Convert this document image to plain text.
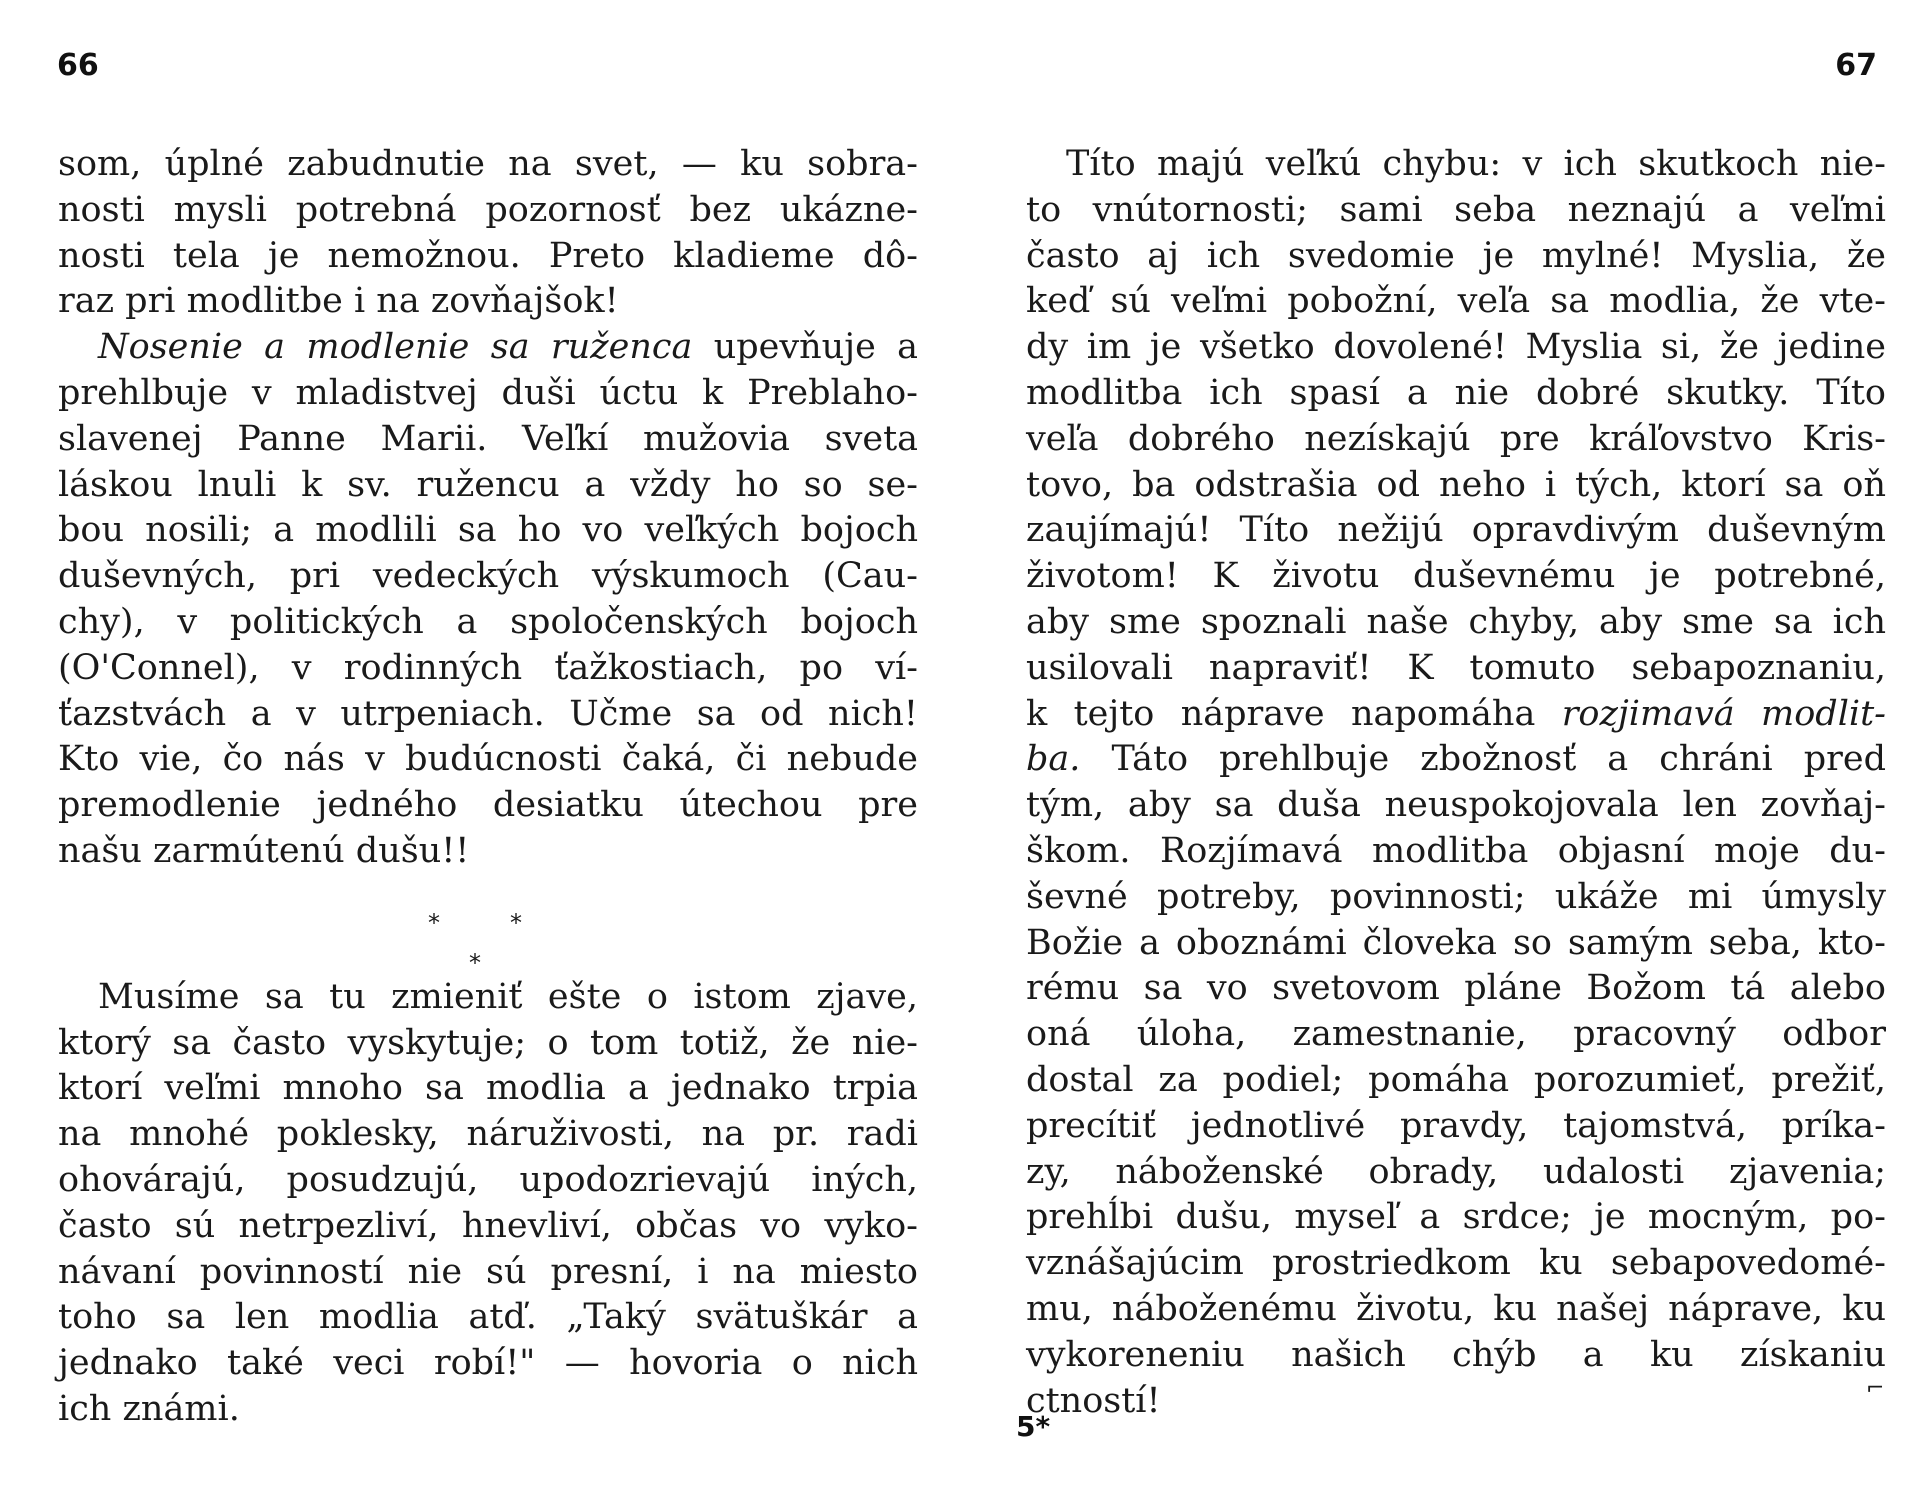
66

som, úplné zabudnutie na svet, — ku sobra-
nosti mysli potrebná pozornosť bez ukázne-
nosti tela je nemožnou. Preto kladieme dô-
raz pri modlitbe i na zovňajšok!
Nosenie a modlenie sa ruženca upevňuje a
prehlbuje v mladistvej duši úctu k Preblaho-
slavenej Panne Marii. Veľkí mužovia sveta
láskou lnuli k sv. ružencu a vždy ho so se-
bou nosili; a modlili sa ho vo veľkých bojoch
duševných, pri vedeckých výskumoch (Cau-
chy), v politických a spoločenských bojoch
(O'Connel), v rodinných ťažkostiach, po ví-
ťazstvách a v utrpeniach. Učme sa od nich!
Kto vie, čo nás v budúcnosti čaká, či nebude
premodlenie jedného desiatku útechou pre
našu zarmútenú dušu!!
*	*
*
Musíme sa tu zmieniť ešte o istom zjave,
ktorý sa často vyskytuje; o tom totiž, že nie-
ktorí veľmi mnoho sa modlia a jednako trpia
na mnohé poklesky, náruživosti, na pr. radi
ohovárajú, posudzujú, upodozrievajú iných,
často sú netrpezliví, hnevliví, občas vo vyko-
návaní povinností nie sú presní, i na miesto
toho sa len modlia atď. „Taký svätuškár a
jednako také veci robí!" — hovoria o nich
ich známi.

67

Títo majú veľkú chybu: v ich skutkoch nie-
to vnútornosti; sami seba neznajú a veľmi
často aj ich svedomie je mylné! Myslia, že
keď sú veľmi pobožní, veľa sa modlia, že vte-
dy im je všetko dovolené! Myslia si, že jedine
modlitba ich spasí a nie dobré skutky. Títo
veľa dobrého nezískajú pre kráľovstvo Kris-
tovo, ba odstrašia od neho i tých, ktorí sa oň
zaujímajú! Títo nežijú opravdivým duševným
životom! K životu duševnému je potrebné,
aby sme spoznali naše chyby, aby sme sa ich
usilovali napraviť! K tomuto sebapoznaniu,
k tejto náprave napomáha rozjimavá modlit-
ba. Táto prehlbuje zbožnosť a chráni pred
tým, aby sa duša neuspokojovala len zovňaj-
škom. Rozjímavá modlitba objasní moje du-
ševné potreby, povinnosti; ukáže mi úmysly
Božie a oboznámi človeka so samým seba, kto-
rému sa vo svetovom pláne Božom tá alebo
oná úloha, zamestnanie, pracovný odbor
dostal za podiel; pomáha porozumieť, prežiť,
precítiť jednotlivé pravdy, tajomstvá, príka-
zy, náboženské obrady, udalosti zjavenia;
prehĺbi dušu, myseľ a srdce; je mocným, po-
vznášajúcim prostriedkom ku sebapovedomé-
mu, náboženému životu, ku našej náprave, ku
vykoreneniu našich chýb a ku získaniu
ctností!	⌐

5*
